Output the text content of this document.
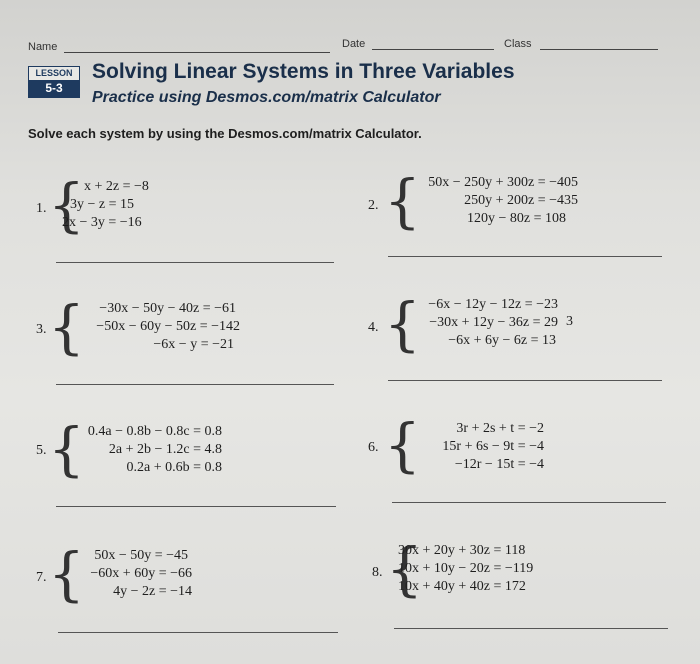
Name	Date	Class
LESSON
5-3
Solving Linear Systems in Three Variables
Practice using Desmos.com/matrix Calculator
Solve each system by using the Desmos.com/matrix Calculator.
1. { x + 2z = −8
3y − z = 15
2x − 3y = −16
2. { 50x − 250y + 300z = −405
250y + 200z = −435
120y − 80z = 108
3. {	−30x − 50y − 40z = −61
−50x − 60y − 50z = −142
−6x − y = −21
4. { −6x − 12y − 12z = −23
−30x + 12y − 36z = 29
−6x + 6y − 6z = 13
3
5. { 0.4a − 0.8b − 0.8c = 0.8
2a + 2b − 1.2c = 4.8
0.2a + 0.6b = 0.8
6. {	3r + 2s + t = −2
15r + 6s − 9t = −4
−12r − 15t = −4
7. { 50x − 50y = −45
−60x + 60y = −66
4y − 2z = −14
8. {
30x + 20y + 30z = 118
10x + 10y − 20z = −119
10x + 40y + 40z = 172
